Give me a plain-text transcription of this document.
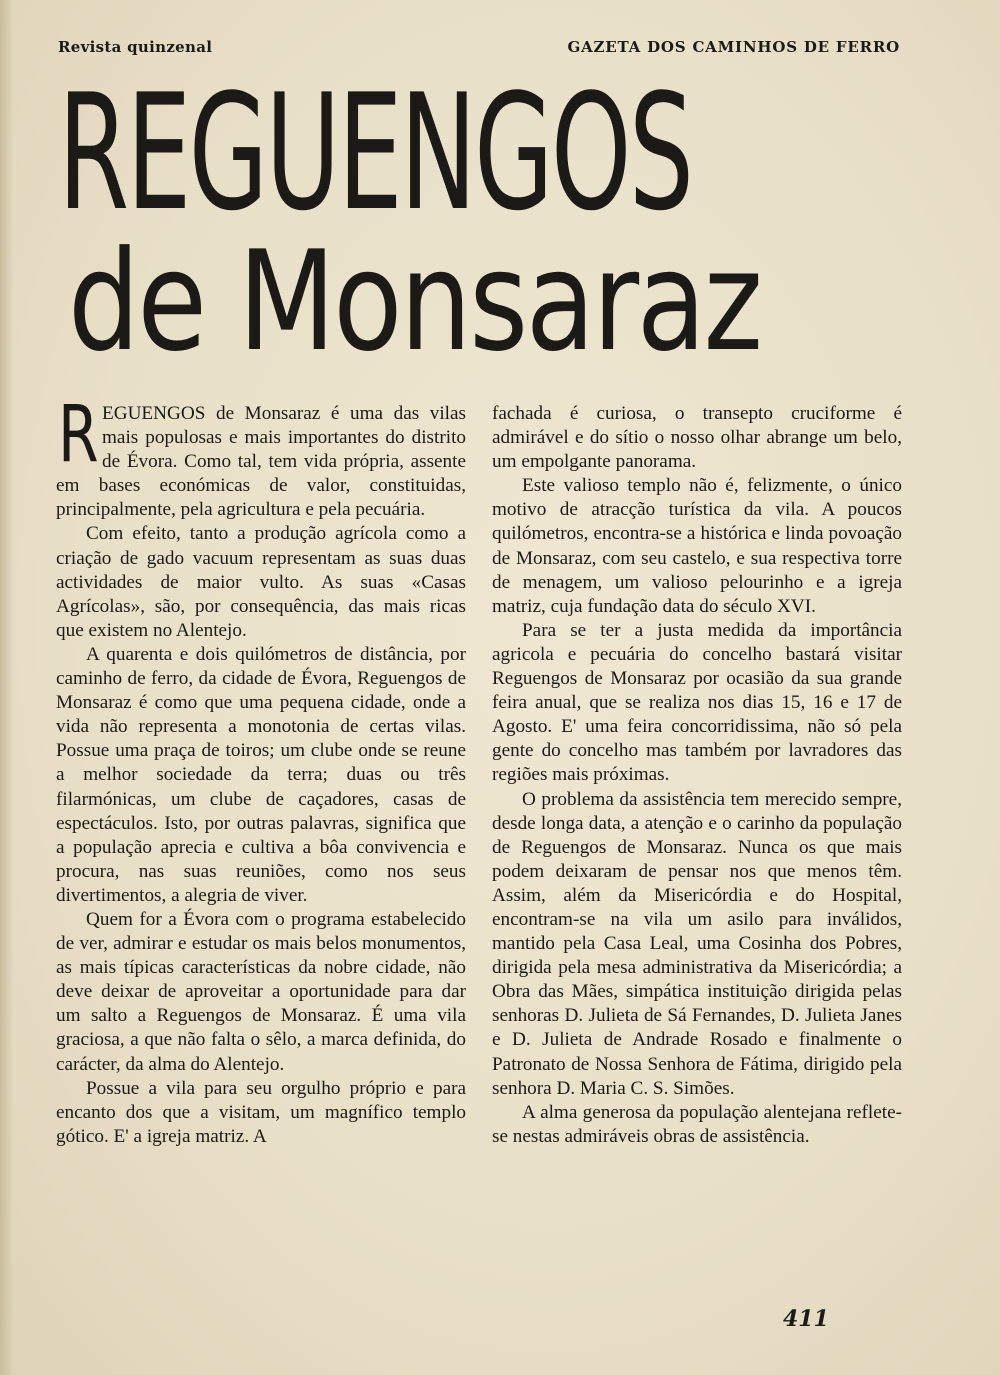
Revista quinzenal	GAZETA DOS CAMINHOS DE FERRO
REGUENGOS
de Monsaraz

R EGUENGOS de Monsaraz é uma das vilas mais populosas e mais importantes do distrito de Évora. Como tal, tem vida própria, assente em bases económicas de valor, constituidas, principalmente, pela agricultura e pela pecuária.

Com efeito, tanto a produção agrícola como a criação de gado vacuum representam as suas duas actividades de maior vulto. As suas «Casas Agrícolas», são, por consequência, das mais ricas que existem no Alentejo.

A quarenta e dois quilómetros de distância, por caminho de ferro, da cidade de Évora, Reguengos de Monsaraz é como que uma pequena cidade, onde a vida não representa a monotonia de certas vilas. Possue uma praça de toiros; um clube onde se reune a melhor sociedade da terra; duas ou três filarmónicas, um clube de caçadores, casas de espectáculos. Isto, por outras palavras, significa que a população aprecia e cultiva a bôa convivencia e procura, nas suas reuniões, como nos seus divertimentos, a alegria de viver.

Quem for a Évora com o programa estabelecido de ver, admirar e estudar os mais belos monumentos, as mais típicas características da nobre cidade, não deve deixar de aproveitar a oportunidade para dar um salto a Reguengos de Monsaraz. É uma vila graciosa, a que não falta o sêlo, a marca definida, do carácter, da alma do Alentejo.

Possue a vila para seu orgulho próprio e para encanto dos que a visitam, um magnífico templo gótico. E' a igreja matriz. A

fachada é curiosa, o transepto cruciforme é admirável e do sítio o nosso olhar abrange um belo, um empolgante panorama.

Este valioso templo não é, felizmente, o único motivo de atracção turística da vila. A poucos quilómetros, encontra-se a histórica e linda povoação de Monsaraz, com seu castelo, e sua respectiva torre de menagem, um valioso pelourinho e a igreja matriz, cuja fundação data do século XVI.

Para se ter a justa medida da importância agricola e pecuária do concelho bastará visitar Reguengos de Monsaraz por ocasião da sua grande feira anual, que se realiza nos dias 15, 16 e 17 de Agosto. E' uma feira concorridissima, não só pela gente do concelho mas também por lavradores das regiões mais próximas.

O problema da assistência tem merecido sempre, desde longa data, a atenção e o carinho da população de Reguengos de Monsaraz. Nunca os que mais podem deixaram de pensar nos que menos têm. Assim, além da Misericórdia e do Hospital, encontram-se na vila um asilo para inválidos, mantido pela Casa Leal, uma Cosinha dos Pobres, dirigida pela mesa administrativa da Misericórdia; a Obra das Mães, simpática instituição dirigida pelas senhoras D. Julieta de Sá Fernandes, D. Julieta Janes e D. Julieta de Andrade Rosado e finalmente o Patronato de Nossa Senhora de Fátima, dirigido pela senhora D. Maria C. S. Simões.

A alma generosa da população alentejana reflete-se nestas admiráveis obras de assistência.

411
